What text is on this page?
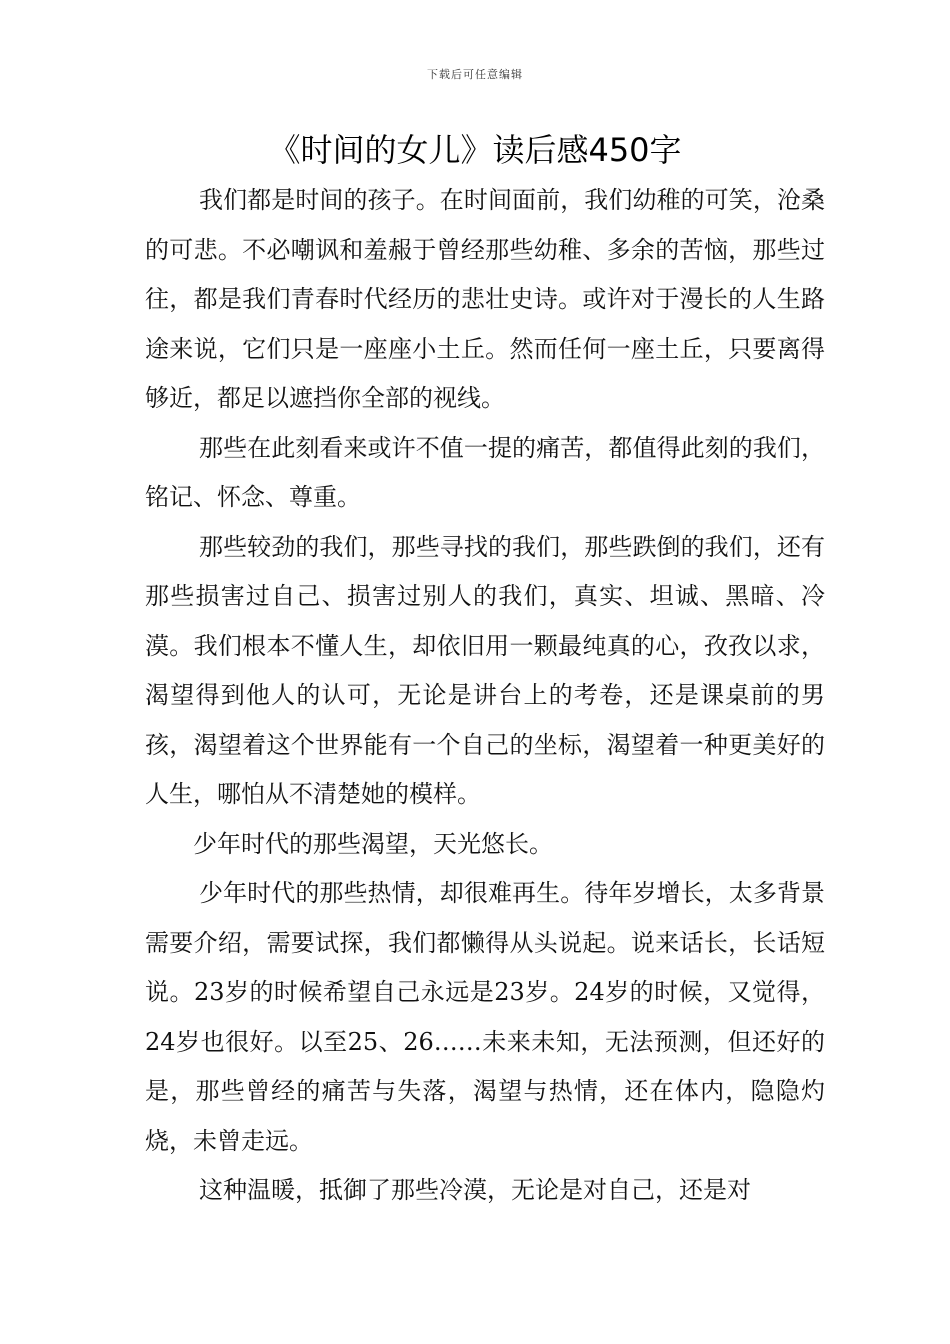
下载后可任意编辑
《时间的女儿》读后感450字

我们都是时间的孩子。在时间面前，我们幼稚的可笑，沧桑的可悲。不必嘲讽和羞赧于曾经那些幼稚、多余的苦恼，那些过往，都是我们青春时代经历的悲壮史诗。或许对于漫长的人生路途来说，它们只是一座座小土丘。然而任何一座土丘，只要离得够近，都足以遮挡你全部的视线。

那些在此刻看来或许不值一提的痛苦，都值得此刻的我们，铭记、怀念、尊重。

那些较劲的我们，那些寻找的我们，那些跌倒的我们，还有那些损害过自己、损害过别人的我们，真实、坦诚、黑暗、冷漠。我们根本不懂人生，却依旧用一颗最纯真的心，孜孜以求，渴望得到他人的认可，无论是讲台上的考卷，还是课桌前的男孩，渴望着这个世界能有一个自己的坐标，渴望着一种更美好的人生，哪怕从不清楚她的模样。

少年时代的那些渴望，天光悠长。

少年时代的那些热情，却很难再生。待年岁增长，太多背景需要介绍，需要试探，我们都懒得从头说起。说来话长，长话短说。23岁的时候希望自己永远是23岁。24岁的时候，又觉得，24岁也很好。以至25、26……未来未知，无法预测，但还好的是，那些曾经的痛苦与失落，渴望与热情，还在体内，隐隐灼烧，未曾走远。

这种温暖，抵御了那些冷漠，无论是对自己，还是对
